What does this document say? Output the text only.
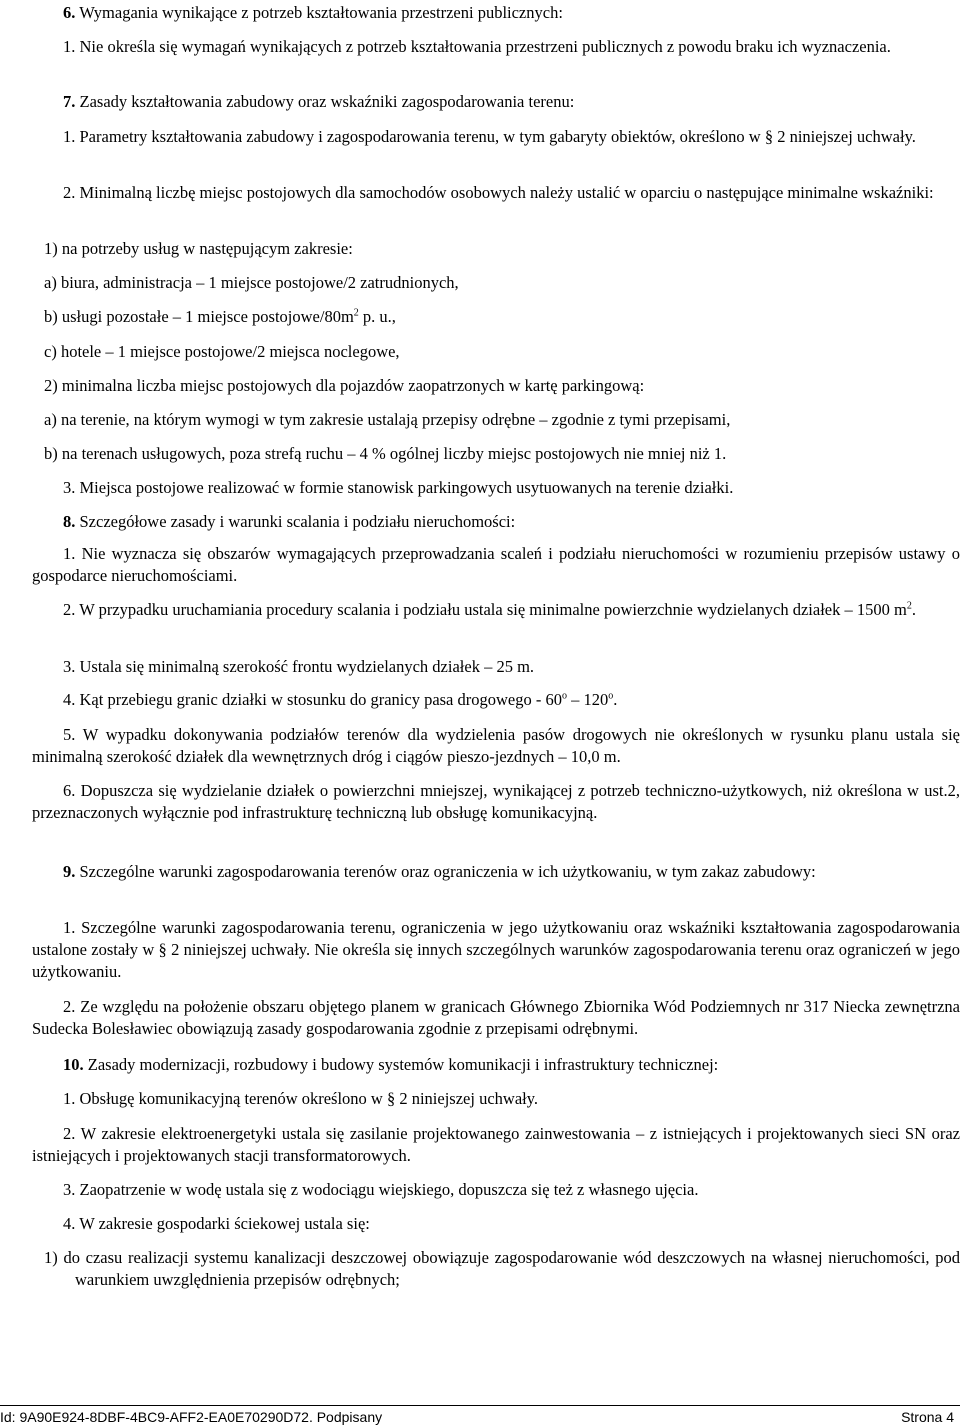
6. Wymagania wynikające z potrzeb kształtowania przestrzeni publicznych:

1. Nie określa się wymagań wynikających z potrzeb kształtowania przestrzeni publicznych z powodu braku ich wyznaczenia.

7. Zasady kształtowania zabudowy oraz wskaźniki zagospodarowania terenu:

1. Parametry kształtowania zabudowy i zagospodarowania terenu, w tym gabaryty obiektów, określono w § 2 niniejszej uchwały.

2. Minimalną liczbę miejsc postojowych dla samochodów osobowych należy ustalić w oparciu o następujące minimalne wskaźniki:

1) na potrzeby usług w następującym zakresie:

a) biura, administracja – 1 miejsce postojowe/2 zatrudnionych,

b) usługi pozostałe – 1 miejsce postojowe/$80m^2$ p. u.,

c) hotele – 1 miejsce postojowe/2 miejsca noclegowe,

2) minimalna liczba miejsc postojowych dla pojazdów zaopatrzonych w kartę parkingową:

a) na terenie, na którym wymogi w tym zakresie ustalają przepisy odrębne – zgodnie z tymi przepisami,

b) na terenach usługowych, poza strefą ruchu – 4 % ogólnej liczby miejsc postojowych nie mniej niż 1.

3. Miejsca postojowe realizować w formie stanowisk parkingowych usytuowanych na terenie działki.

8. Szczegółowe zasady i warunki scalania i podziału nieruchomości:

1. Nie wyznacza się obszarów wymagających przeprowadzania scaleń i podziału nieruchomości w rozumieniu przepisów ustawy o gospodarce nieruchomościami.

2. W przypadku uruchamiania procedury scalania i podziału ustala się minimalne powierzchnie wydzielanych działek – 1500 $m^2$.

3. Ustala się minimalną szerokość frontu wydzielanych działek – 25 m.

4. Kąt przebiegu granic działki w stosunku do granicy pasa drogowego - 60$^o$ – 120$^o$.

5. W wypadku dokonywania podziałów terenów dla wydzielenia pasów drogowych nie określonych w rysunku planu ustala się minimalną szerokość działek dla wewnętrznych dróg i ciągów pieszo-jezdnych – 10,0 m.

6. Dopuszcza się wydzielanie działek o powierzchni mniejszej, wynikającej z potrzeb techniczno-użytkowych, niż określona w ust.2, przeznaczonych wyłącznie pod infrastrukturę techniczną lub obsługę komunikacyjną.

9. Szczególne warunki zagospodarowania terenów oraz ograniczenia w ich użytkowaniu, w tym zakaz zabudowy:

1. Szczególne warunki zagospodarowania terenu, ograniczenia w jego użytkowaniu oraz wskaźniki kształtowania zagospodarowania ustalone zostały w § 2 niniejszej uchwały. Nie określa się innych szczególnych warunków zagospodarowania terenu oraz ograniczeń w jego użytkowaniu.

2. Ze względu na położenie obszaru objętego planem w granicach Głównego Zbiornika Wód Podziemnych nr 317 Niecka zewnętrzna Sudecka Bolesławiec obowiązują zasady gospodarowania zgodnie z przepisami odrębnymi.

10. Zasady modernizacji, rozbudowy i budowy systemów komunikacji i infrastruktury technicznej:

1. Obsługę komunikacyjną terenów określono w § 2 niniejszej uchwały.

2. W zakresie elektroenergetyki ustala się zasilanie projektowanego zainwestowania – z istniejących i projektowanych sieci SN oraz istniejących i projektowanych stacji transformatorowych.

3. Zaopatrzenie w wodę ustala się z wodociągu wiejskiego, dopuszcza się też z własnego ujęcia.

4. W zakresie gospodarki ściekowej ustala się:

1) do czasu realizacji systemu kanalizacji deszczowej obowiązuje zagospodarowanie wód deszczowych na własnej nieruchomości, pod warunkiem uwzględnienia przepisów odrębnych;

Id: 9A90E924-8DBF-4BC9-AFF2-EA0E70290D72. Podpisany	Strona 4
